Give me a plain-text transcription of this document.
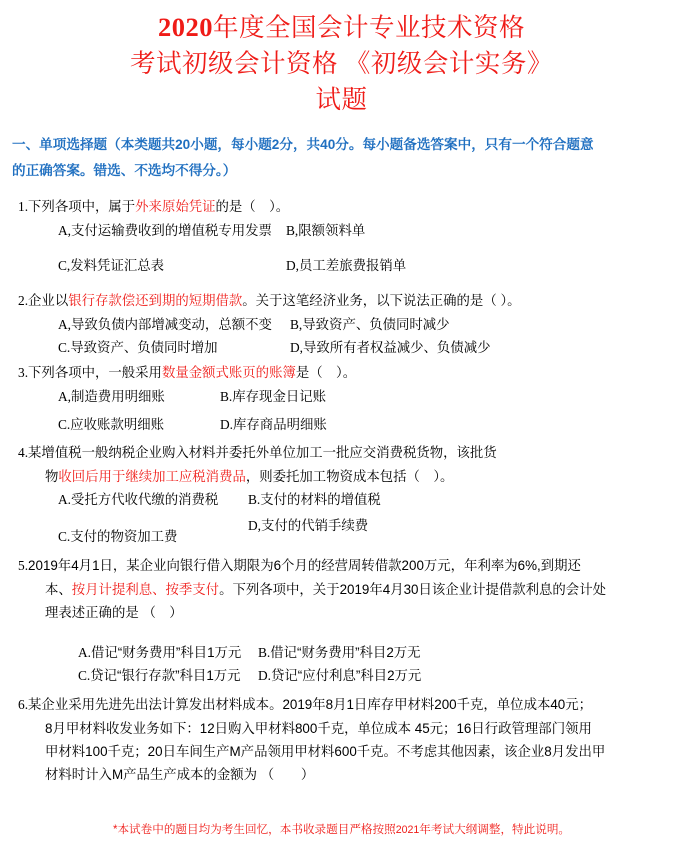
2020年度全国会计专业技术资格
考试初级会计资格 《初级会计实务》
试题
一、单项选择题（本类题共20小题，每小题2分，共40分。每小题备选答案中，只有一个符合题意
的正确答案。错选、不选均不得分。）
1.下列各项中，属于外来原始凭证的是（　）。
A,支付运输费收到的增值税专用发票	B,限额领料单
C,发料凭证汇总表	D,员工差旅费报销单
2.企业以银行存款偿还到期的短期借款。关于这笔经济业务，以下说法正确的是（ ）。
A,导致负债内部增减变动，总额不变	B,导致资产、负债同时减少
C.导致资产、负债同时增加	D,导致所有者权益减少、负债减少
3.下列各项中，一般采用数量金额式账页的账簿是（　）。
A,制造费用明细账	B.库存现金日记账
C.应收账款明细账	D.库存商品明细账
4.某增值税一般纳税企业购入材料并委托外单位加工一批应交消费税货物，该批货
物收回后用于继续加工应税消费品，则委托加工物资成本包括（　）。
A.受托方代收代缴的消费税	B.支付的材料的增值税
C.支付的物资加工费
D,支付的代销手续费
5.2019年4月1日，某企业向银行借入期限为6个月的经营周转借款200万元，年利率为6%,到期还
本、按月计提利息、按季支付。下列各项中，关于2019年4月30日该企业计提借款利息的会计处
理表述正确的是 （　）
A.借记“财务费用”科目1万元	B.借记“财务费用”科目2万无
C.贷记“银行存款”科目1万元	D.贷记“应付利息”科目2万元
6.某企业采用先进先出法计算发出材料成本。2019年8月1日库存甲材料200千克，单位成本40元；
8月甲材料收发业务如下：12日购入甲材料800千克，单位成本 45元；16日行政管理部门领用
甲材料100千克；20日车间生产M产品领用甲材料600千克。不考虑其他因素，该企业8月发出甲
材料时计入M产品生产成本的金额为 （　　）
*本试卷中的题目均为考生回忆，本书收录题目严格按照2021年考试大纲调整，特此说明。
